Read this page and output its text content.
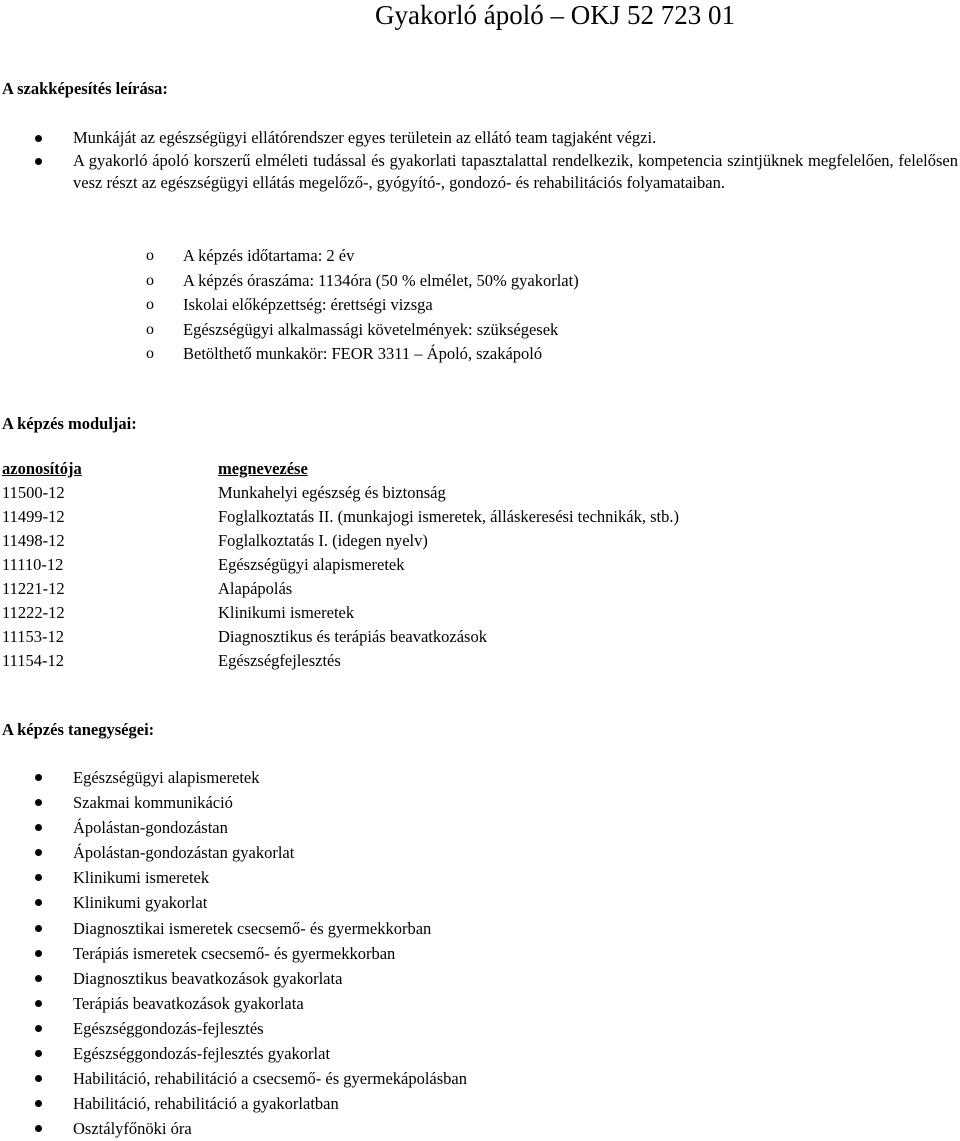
Gyakorló ápoló – OKJ 52 723 01
A szakképesítés leírása:
Munkáját az egészségügyi ellátórendszer egyes területein az ellátó team tagjaként végzi.
A gyakorló ápoló korszerű elméleti tudással és gyakorlati tapasztalattal rendelkezik, kompetencia szintjüknek megfelelően, felelősen vesz részt az egészségügyi ellátás megelőző-, gyógyító-, gondozó- és rehabilitációs folyamataiban.
o A képzés időtartama: 2 év
o A képzés óraszáma: 1134óra (50 % elmélet, 50% gyakorlat)
o Iskolai előképzettség: érettségi vizsga
o Egészségügyi alkalmassági követelmények: szükségesek
o Betölthető munkakör: FEOR 3311 – Ápoló, szakápoló
A képzés moduljai:
azonosítója	megnevezése
11500-12	Munkahelyi egészség és biztonság
11499-12	Foglalkoztatás II. (munkajogi ismeretek, álláskeresési technikák, stb.)
11498-12	Foglalkoztatás I. (idegen nyelv)
11110-12	Egészségügyi alapismeretek
11221-12	Alapápolás
11222-12	Klinikumi ismeretek
11153-12	Diagnosztikus és terápiás beavatkozások
11154-12	Egészségfejlesztés
A képzés tanegységei:
Egészségügyi alapismeretek
Szakmai kommunikáció
Ápolástan-gondozástan
Ápolástan-gondozástan gyakorlat
Klinikumi ismeretek
Klinikumi gyakorlat
Diagnosztikai ismeretek csecsemő- és gyermekkorban
Terápiás ismeretek csecsemő- és gyermekkorban
Diagnosztikus beavatkozások gyakorlata
Terápiás beavatkozások gyakorlata
Egészséggondozás-fejlesztés
Egészséggondozás-fejlesztés gyakorlat
Habilitáció, rehabilitáció a csecsemő- és gyermekápolásban
Habilitáció, rehabilitáció a gyakorlatban
Osztályfőnöki óra
